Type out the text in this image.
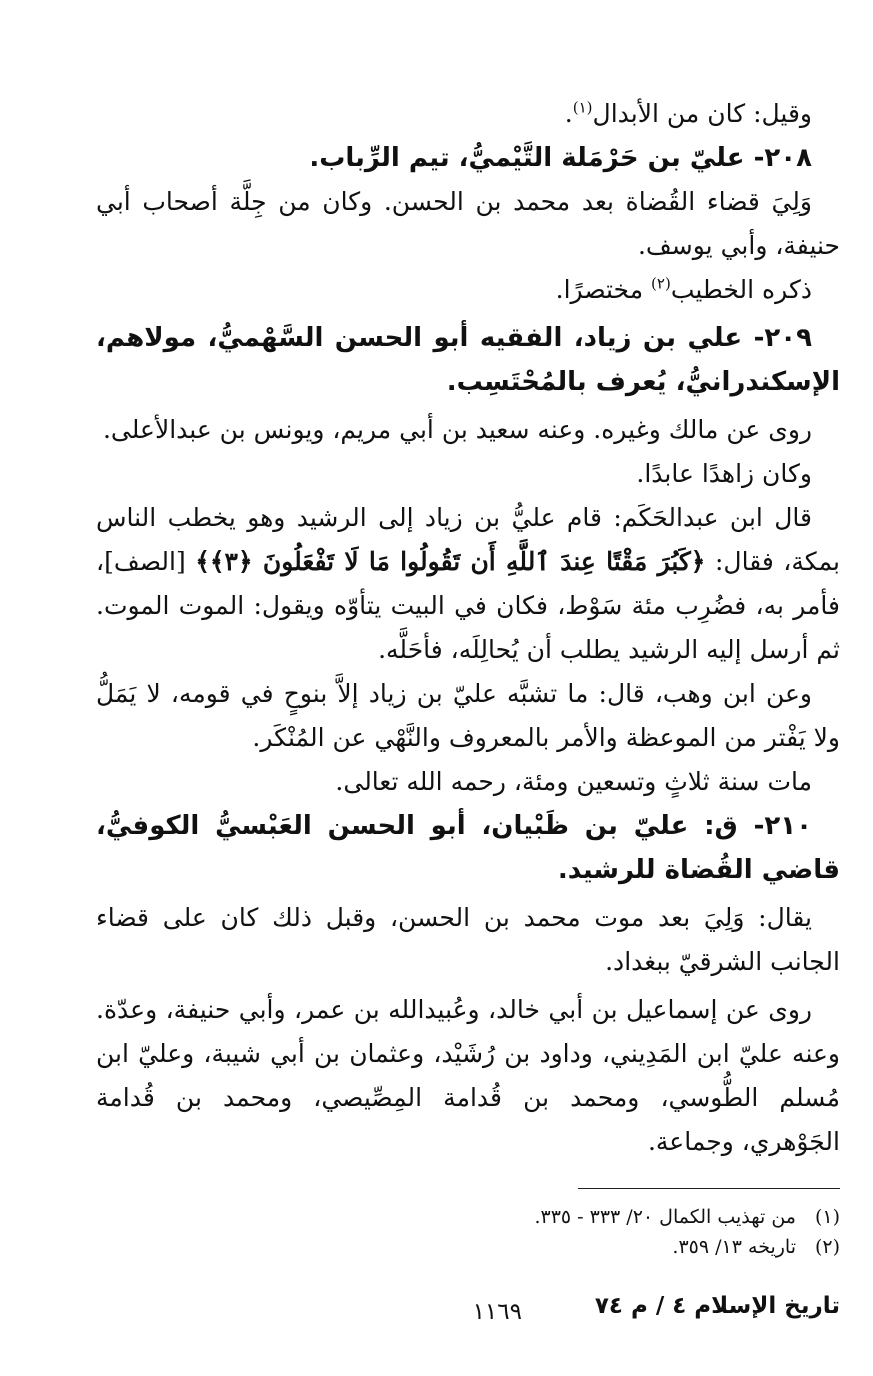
وقيل: كان من الأبدال$^{(١)}$.

٢٠٨- عليّ بن حَرْمَلة التَّيْميُّ، تيم الرِّباب.

وَلِيَ قضاء القُضاة بعد محمد بن الحسن. وكان من جِلَّة أصحاب أبي حنيفة، وأبي يوسف.

ذكره الخطيب$^{(٢)}$ مختصرًا.

٢٠٩- علي بن زياد، الفقيه أبو الحسن السَّهْميُّ، مولاهم، الإسكندرانيُّ، يُعرف بالمُحْتَسِب.

روى عن مالك وغيره. وعنه سعيد بن أبي مريم، ويونس بن عبدالأعلى.

وكان زاهدًا عابدًا.

قال ابن عبدالحَكَم: قام عليُّ بن زياد إلى الرشيد وهو يخطب الناس بمكة، فقال: ﴿كَبُرَ مَقْتًا عِندَ ٱللَّهِ أَن تَقُولُوا مَا لَا تَفْعَلُونَ ﴿٣﴾﴾ [الصف]، فأمر به، فضُرِب مئة سَوْط، فكان في البيت يتأوّه ويقول: الموت الموت. ثم أرسل إليه الرشيد يطلب أن يُحالِلَه، فأحَلَّه.

وعن ابن وهب، قال: ما تشبَّه عليّ بن زياد إلاَّ بنوحٍ في قومه، لا يَمَلُّ ولا يَفْتر من الموعظة والأمر بالمعروف والنَّهْي عن المُنْكَر.

مات سنة ثلاثٍ وتسعين ومئة، رحمه الله تعالى.

٢١٠- ق: عليّ بن ظَبْيان، أبو الحسن العَبْسيُّ الكوفيُّ، قاضي القُضاة للرشيد.

يقال: وَلِيَ بعد موت محمد بن الحسن، وقبل ذلك كان على قضاء الجانب الشرقيّ ببغداد.

روى عن إسماعيل بن أبي خالد، وعُبيدالله بن عمر، وأبي حنيفة، وعدّة. وعنه عليّ ابن المَدِيني، وداود بن رُشَيْد، وعثمان بن أبي شيبة، وعليّ ابن مُسلم الطُّوسي، ومحمد بن قُدامة المِصِّيصي، ومحمد بن قُدامة الجَوْهري، وجماعة.

(١)من تهذيب الكمال ٢٠/ ٣٣٣ - ٣٣٥.

(٢)تاريخه ١٣/ ٣٥٩.

تاريخ الإسلام ٤ / م ٧٤
١١٦٩
